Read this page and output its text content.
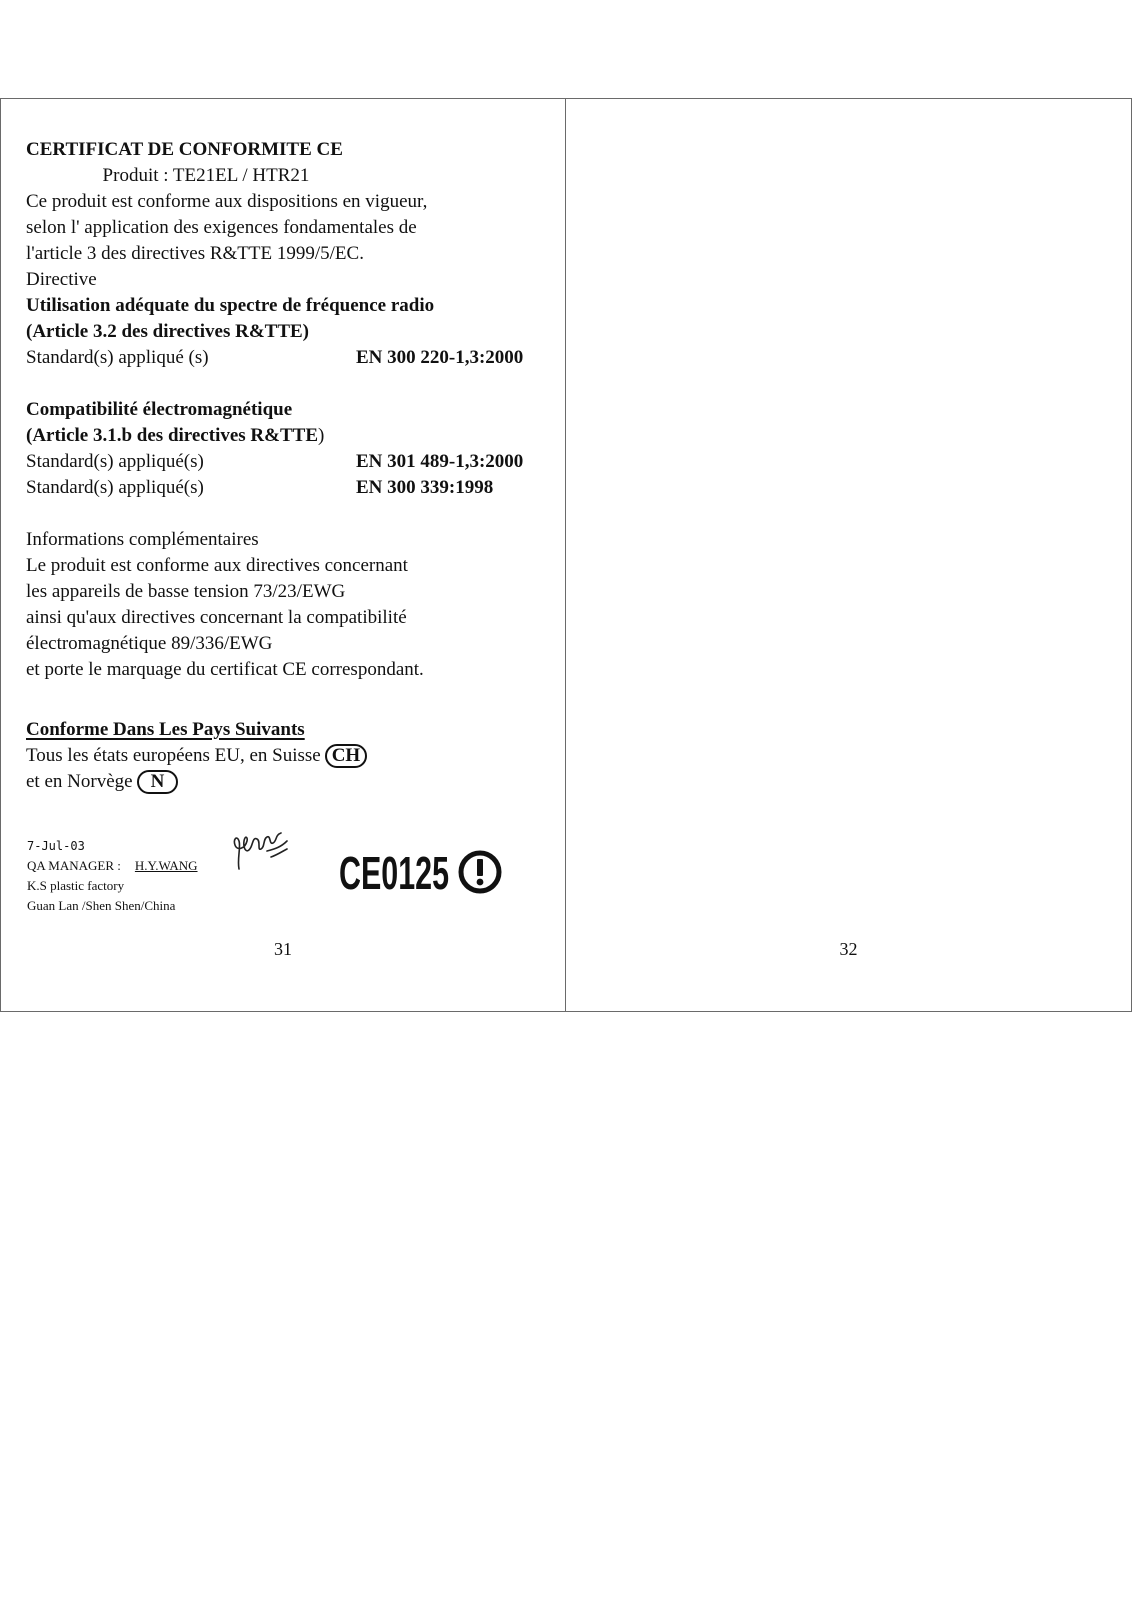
CERTIFICAT DE CONFORMITE CE
Produit : TE21EL / HTR21
Ce produit est conforme aux dispositions en vigueur,
selon l' application des exigences fondamentales de
l'article 3 des directives R&TTE 1999/5/EC.
Directive
Utilisation adéquate du spectre de fréquence radio
(Article 3.2 des directives R&TTE)
Standard(s) appliqué (s)	EN 300 220-1,3:2000
Compatibilité électromagnétique
(Article 3.1.b des directives R&TTE)
Standard(s) appliqué(s)	EN 301 489-1,3:2000
Standard(s) appliqué(s)	EN 300 339:1998
Informations complémentaires
Le produit est conforme aux directives concernant
les appareils de basse tension 73/23/EWG
ainsi qu'aux directives concernant la compatibilité
électromagnétique 89/336/EWG
et porte le marquage du certificat CE correspondant.
Conforme Dans Les Pays Suivants
Tous les états européens EU, en Suisse CH
et en Norvège N
7-Jul-03
QA MANAGER : H.Y.WANG
K.S plastic factory
Guan Lan /Shen Shen/China
CE0125
31	32
